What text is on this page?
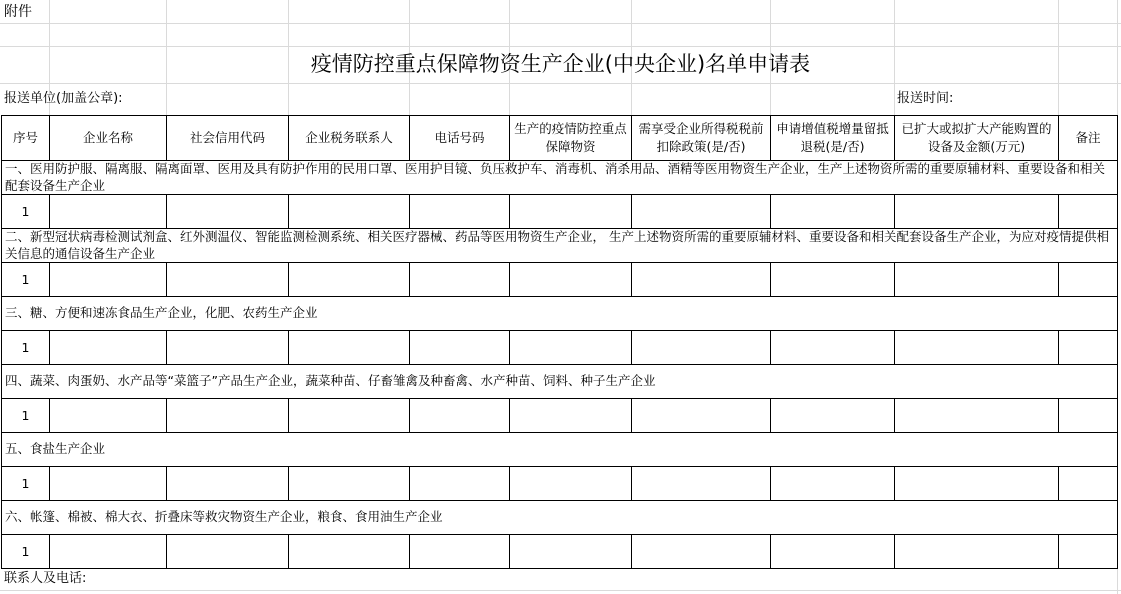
附件
疫情防控重点保障物资生产企业(中央企业)名单申请表
报送单位(加盖公章):	报送时间:
序号	企业名称	社会信用代码	企业税务联系人	电话号码	生产的疫情防控重点保障物资	需享受企业所得税税前扣除政策(是/否)	申请增值税增量留抵退税(是/否)	已扩大或拟扩大产能购置的设备及金额(万元)	备注
一、医用防护服、隔离服、隔离面罩、医用及具有防护作用的民用口罩、医用护目镜、负压救护车、消毒机、消杀用品、酒精等医用物资生产企业，生产上述物资所需的重要原辅材料、重要设备和相关配套设备生产企业									
1									
二、新型冠状病毒检测试剂盒、红外测温仪、智能监测检测系统、相关医疗器械、药品等医用物资生产企业， 生产上述物资所需的重要原辅材料、重要设备和相关配套设备生产企业，为应对疫情提供相关信息的通信设备生产企业									
1									
三、糖、方便和速冻食品生产企业，化肥、农药生产企业									
1									
四、蔬菜、肉蛋奶、水产品等“菜篮子”产品生产企业，蔬菜种苗、仔畜雏禽及种畜禽、水产种苗、饲料、种子生产企业									
1									
五、食盐生产企业									
1									
六、帐篷、棉被、棉大衣、折叠床等救灾物资生产企业，粮食、食用油生产企业									
1									
联系人及电话:
